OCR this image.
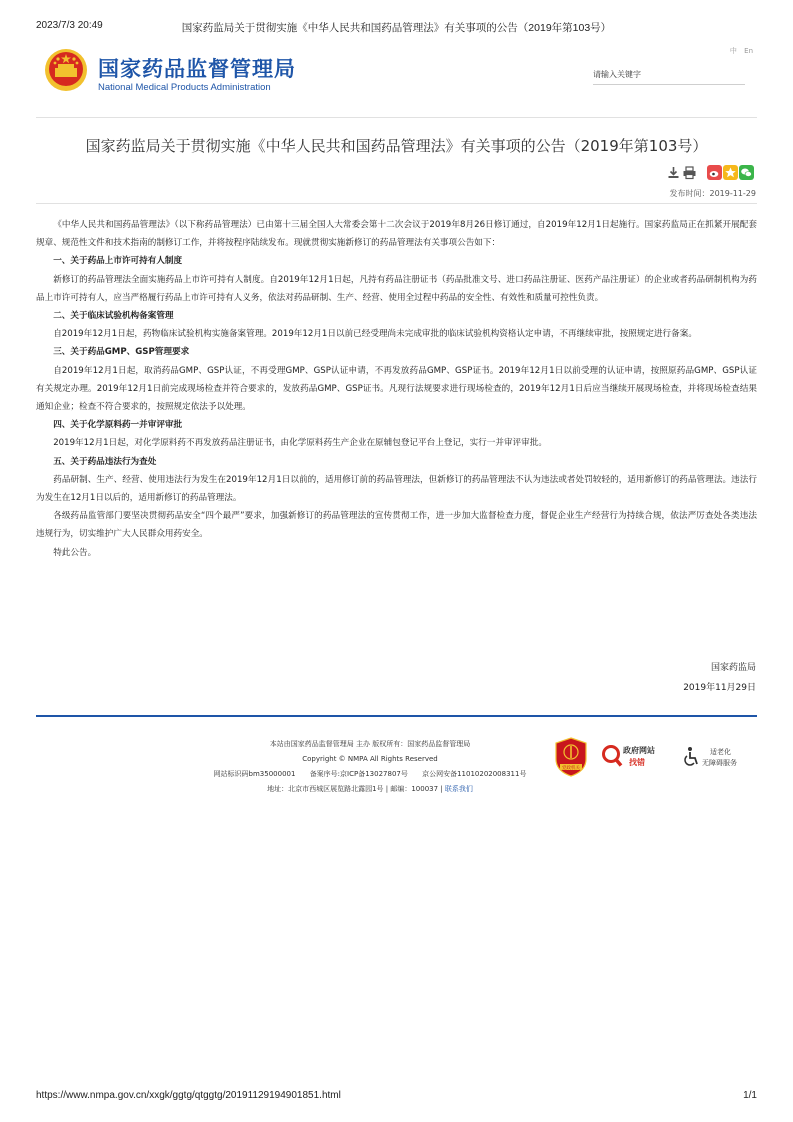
2023/7/3 20:49	国家药监局关于贯彻实施《中华人民共和国药品管理法》有关事项的公告（2019年第103号）
国家药品监督管理局
National Medical Products Administration
中 En
请输入关键字
国家药监局关于贯彻实施《中华人民共和国药品管理法》有关事项的公告（2019年第103号）
发布时间：2019-11-29

《中华人民共和国药品管理法》（以下称药品管理法）已由第十三届全国人大常委会第十二次会议于2019年8月26日修订通过，自2019年12月1日起施行。国家药监局正在抓紧开展配套规章、规范性文件和技术指南的制修订工作，并将按程序陆续发布。现就贯彻实施新修订的药品管理法有关事项公告如下：

一、关于药品上市许可持有人制度

新修订的药品管理法全面实施药品上市许可持有人制度。自2019年12月1日起，凡持有药品注册证书（药品批准文号、进口药品注册证、医药产品注册证）的企业或者药品研制机构为药品上市许可持有人，应当严格履行药品上市许可持有人义务，依法对药品研制、生产、经营、使用全过程中药品的安全性、有效性和质量可控性负责。

二、关于临床试验机构备案管理

自2019年12月1日起，药物临床试验机构实施备案管理。2019年12月1日以前已经受理尚未完成审批的临床试验机构资格认定申请，不再继续审批，按照规定进行备案。

三、关于药品GMP、GSP管理要求

自2019年12月1日起，取消药品GMP、GSP认证，不再受理GMP、GSP认证申请，不再发放药品GMP、GSP证书。2019年12月1日以前受理的认证申请，按照原药品GMP、GSP认证有关规定办理。2019年12月1日前完成现场检查并符合要求的，发放药品GMP、GSP证书。凡现行法规要求进行现场检查的，2019年12月1日后应当继续开展现场检查，并将现场检查结果通知企业；检查不符合要求的，按照规定依法予以处理。

四、关于化学原料药一并审评审批

2019年12月1日起，对化学原料药不再发放药品注册证书，由化学原料药生产企业在原辅包登记平台上登记，实行一并审评审批。

五、关于药品违法行为查处

药品研制、生产、经营、使用违法行为发生在2019年12月1日以前的，适用修订前的药品管理法，但新修订的药品管理法不认为违法或者处罚较轻的，适用新修订的药品管理法。违法行为发生在12月1日以后的，适用新修订的药品管理法。

各级药品监管部门要坚决贯彻药品安全“四个最严”要求，加强新修订的药品管理法的宣传贯彻工作，进一步加大监督检查力度，督促企业生产经营行为持续合规，依法严厉查处各类违法违规行为，切实维护广大人民群众用药安全。

特此公告。

国家药监局
2019年11月29日
本站由国家药品监督管理局 主办 版权所有：国家药品监督管理局
Copyright © NMPA All Rights Reserved
网站标识码bm35000001 备案序号:京ICP备13027807号 京公网安备11010202008311号
地址：北京市西城区展览路北露园1号 | 邮编：100037 | 联系我们
党政机关
政府网站
找错
适老化
无障碍服务
https://www.nmpa.gov.cn/xxgk/ggtg/qtggtg/20191129194901851.html	1/1
